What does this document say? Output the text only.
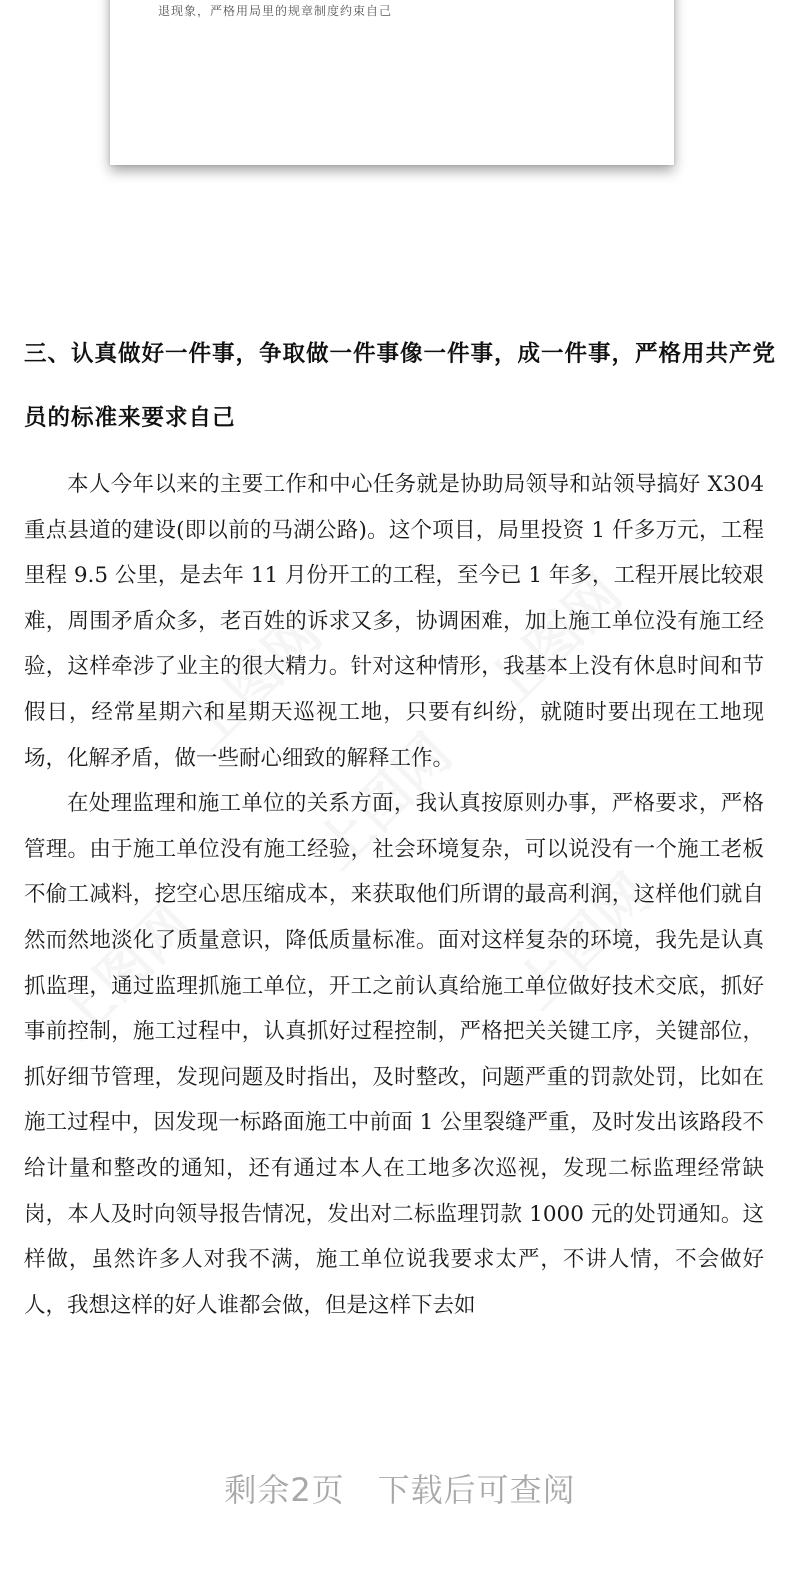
退现象，严格用局里的规章制度约束自己
三、认真做好一件事，争取做一件事像一件事，成一件事，严格用共产党员的标准来要求自己

本人今年以来的主要工作和中心任务就是协助局领导和站领导搞好 X304 重点县道的建设(即以前的马湖公路)。这个项目，局里投资 1 仟多万元，工程里程 9.5 公里，是去年 11 月份开工的工程，至今已 1 年多，工程开展比较艰难，周围矛盾众多，老百姓的诉求又多，协调困难，加上施工单位没有施工经验，这样牵涉了业主的很大精力。针对这种情形，我基本上没有休息时间和节假日，经常星期六和星期天巡视工地，只要有纠纷，就随时要出现在工地现场，化解矛盾，做一些耐心细致的解释工作。

在处理监理和施工单位的关系方面，我认真按原则办事，严格要求，严格管理。由于施工单位没有施工经验，社会环境复杂，可以说没有一个施工老板不偷工减料，挖空心思压缩成本，来获取他们所谓的最高利润，这样他们就自然而然地淡化了质量意识，降低质量标准。面对这样复杂的环境，我先是认真抓监理，通过监理抓施工单位，开工之前认真给施工单位做好技术交底，抓好事前控制，施工过程中，认真抓好过程控制，严格把关关键工序，关键部位，抓好细节管理，发现问题及时指出，及时整改，问题严重的罚款处罚，比如在施工过程中，因发现一标路面施工中前面 1 公里裂缝严重，及时发出该路段不给计量和整改的通知，还有通过本人在工地多次巡视，发现二标监理经常缺岗，本人及时向领导报告情况，发出对二标监理罚款 1000 元的处罚通知。这样做，虽然许多人对我不满，施工单位说我要求太严，不讲人情，不会做好人，我想这样的好人谁都会做，但是这样下去如

剩余2页　下载后可查阅
